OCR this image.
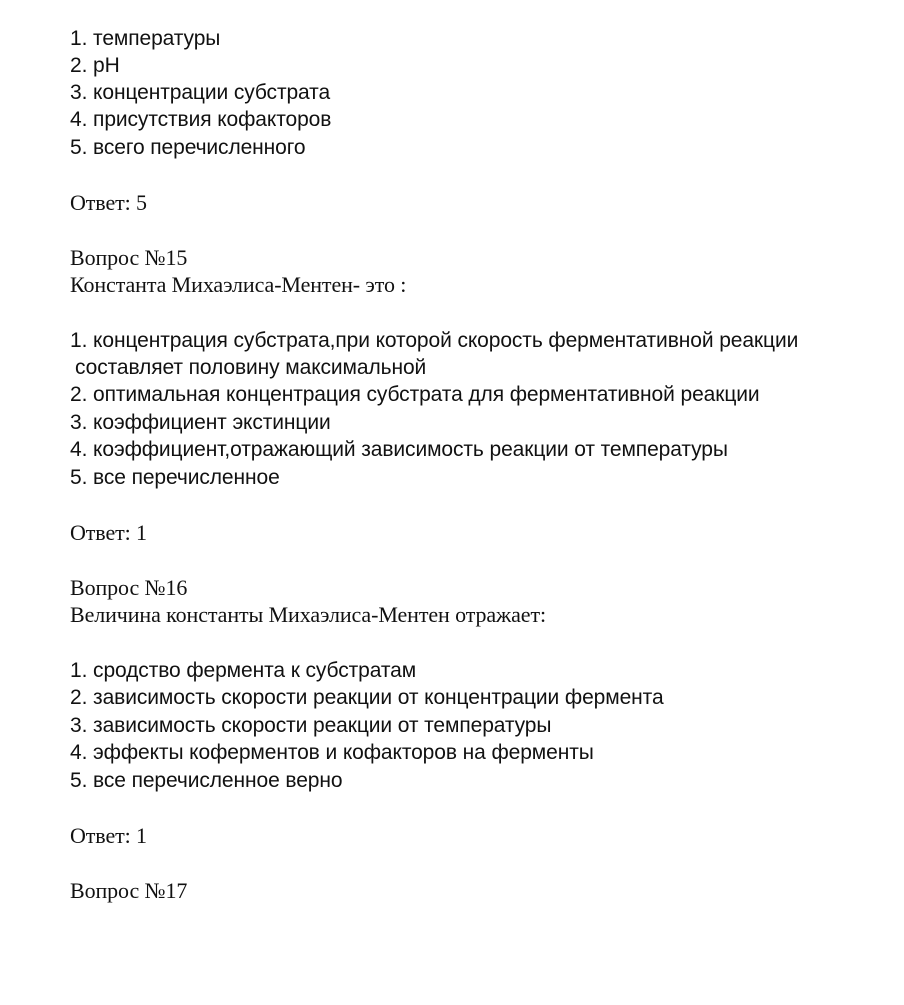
1. температуры
2. pH
3. концентрации субстрата
4. присутствия кофакторов
5. всего перечисленного
Ответ: 5
Вопрос №15
Константа Михаэлиса-Ментен- это :
1. концентрация субстрата,при которой скорость ферментативной реакции
составляет половину максимальной
2. оптимальная концентрация субстрата для ферментативной реакции
3. коэффициент экстинции
4. коэффициент,отражающий зависимость реакции от температуры
5. все перечисленное
Ответ: 1
Вопрос №16
Величина константы Михаэлиса-Ментен отражает:
1. сродство фермента к субстратам
2. зависимость скорости реакции от концентрации фермента
3. зависимость скорости реакции от температуры
4. эффекты коферментов и кофакторов на ферменты
5. все перечисленное верно
Ответ: 1
Вопрос №17
